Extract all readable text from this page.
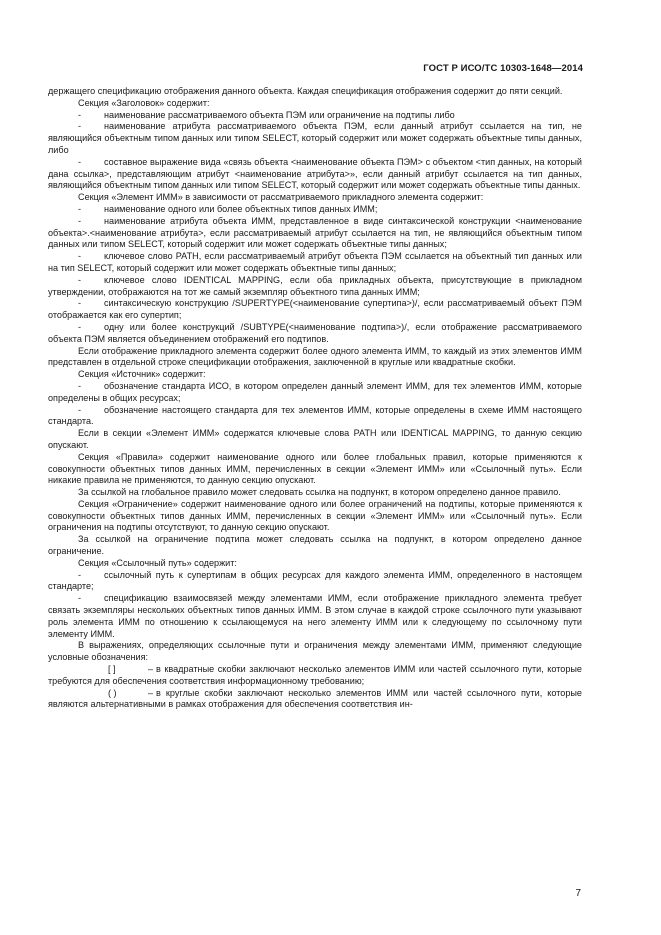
ГОСТ Р ИСО/ТС 10303-1648—2014

держащего спецификацию отображения данного объекта. Каждая спецификация отображения содержит до пяти секций.

Секция «Заголовок» содержит:

-	наименование рассматриваемого объекта ПЭМ или ограничение на подтипы либо

-	наименование атрибута рассматриваемого объекта ПЭМ, если данный атрибут ссылается на тип, не являющийся объектным типом данных или типом SELECT, который содержит или может содержать объектные типы данных, либо

-	составное выражение вида «связь объекта <наименование объекта ПЭМ> с объектом <тип данных, на который дана ссылка>, представляющим атрибут <наименование атрибута>», если данный атрибут ссылается на тип данных, являющийся объектным типом данных или типом SELECT, который содержит или может содержать объектные типы данных.

Секция «Элемент ИММ» в зависимости от рассматриваемого прикладного элемента содержит:

-	наименование одного или более объектных типов данных ИММ;

-	наименование атрибута объекта ИММ, представленное в виде синтаксической конструкции <наименование объекта>.<наименование атрибута>, если рассматриваемый атрибут ссылается на тип, не являющийся объектным типом данных или типом SELECT, который содержит или может содержать объектные типы данных;

-	ключевое слово PATH, если рассматриваемый атрибут объекта ПЭМ ссылается на объектный тип данных или на тип SELECT, который содержит или может содержать объектные типы данных;

-	ключевое слово IDENTICAL MAPPING, если оба прикладных объекта, присутствующие в прикладном утверждении, отображаются на тот же самый экземпляр объектного типа данных ИММ;

-	синтаксическую конструкцию /SUPERTYPE(<наименование супертипа>)/, если рассматриваемый объект ПЭМ отображается как его супертип;

-	одну или более конструкций /SUBTYPE(<наименование подтипа>)/, если отображение рассматриваемого объекта ПЭМ является объединением отображений его подтипов.

Если отображение прикладного элемента содержит более одного элемента ИММ, то каждый из этих элементов ИММ представлен в отдельной строке спецификации отображения, заключенной в круглые или квадратные скобки.

Секция «Источник» содержит:

-	обозначение стандарта ИСО, в котором определен данный элемент ИММ, для тех элементов ИММ, которые определены в общих ресурсах;

-	обозначение настоящего стандарта для тех элементов ИММ, которые определены в схеме ИММ настоящего стандарта.

Если в секции «Элемент ИММ» содержатся ключевые слова PATH или IDENTICAL MAPPING, то данную секцию опускают.

Секция «Правила» содержит наименование одного или более глобальных правил, которые применяются к совокупности объектных типов данных ИММ, перечисленных в секции «Элемент ИММ» или «Ссылочный путь». Если никакие правила не применяются, то данную секцию опускают.

За ссылкой на глобальное правило может следовать ссылка на подпункт, в котором определено данное правило.

Секция «Ограничение» содержит наименование одного или более ограничений на подтипы, которые применяются к совокупности объектных типов данных ИММ, перечисленных в секции «Элемент ИММ» или «Ссылочный путь». Если ограничения на подтипы отсутствуют, то данную секцию опускают.

За ссылкой на ограничение подтипа может следовать ссылка на подпункт, в котором определено данное ограничение.

Секция «Ссылочный путь» содержит:

-	ссылочный путь к супертипам в общих ресурсах для каждого элемента ИММ, определенного в настоящем стандарте;

-	спецификацию взаимосвязей между элементами ИММ, если отображение прикладного элемента требует связать экземпляры нескольких объектных типов данных ИММ. В этом случае в каждой строке ссылочного пути указывают роль элемента ИММ по отношению к ссылающемуся на него элементу ИММ или к следующему по ссылочному пути элементу ИММ.

В выражениях, определяющих ссылочные пути и ограничения между элементами ИММ, применяют следующие условные обозначения:

[ ]	– в квадратные скобки заключают несколько элементов ИММ или частей ссылочного пути, которые требуются для обеспечения соответствия информационному требованию;

( )	– в круглые скобки заключают несколько элементов ИММ или частей ссылочного пути, которые являются альтернативными в рамках отображения для обеспечения соответствия ин-

7
